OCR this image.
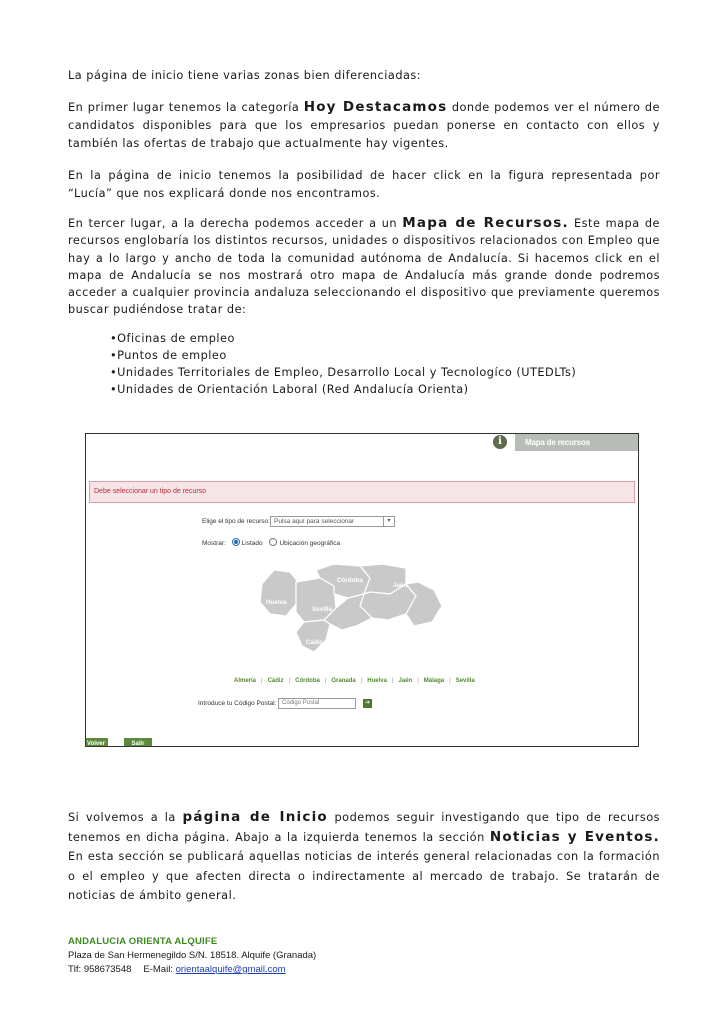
La página de inicio tiene varias zonas bien diferenciadas:
En primer lugar tenemos la categoría Hoy Destacamos donde podemos ver el número de candidatos disponibles para que los empresarios puedan ponerse en contacto con ellos y también las ofertas de trabajo que actualmente hay vigentes.
En la página de inicio tenemos la posibilidad de hacer click en la figura representada por “Lucía” que nos explicará donde nos encontramos.
En tercer lugar, a la derecha podemos acceder a un Mapa de Recursos. Este mapa de recursos englobaría los distintos recursos, unidades o dispositivos relacionados con Empleo que hay a lo largo y ancho de toda la comunidad autónoma de Andalucía. Si hacemos click en el mapa de Andalucía se nos mostrará otro mapa de Andalucía más grande donde podremos acceder a cualquier provincia andaluza seleccionando el dispositivo que previamente queremos buscar pudiéndose tratar de:
•Oficinas de empleo
•Puntos de empleo
•Unidades Territoriales de Empleo, Desarrollo Local y Tecnologíco (UTEDLTs)
•Unidades de Orientación Laboral (Red Andalucía Orienta)
i	Mapa de recursos
Debe seleccionar un tipo de recurso
Elige el tipo de recurso: Pulsa aquí para seleccionar	▾
Mostrar: Listado	Ubicación geográfica
Córdoba
Jaén
Huelva
Sevilla
Granada
Almería
Málaga
Cádiz
Almería | Cádiz | Córdoba | Granada | Huelva | Jaén | Málaga | Sevilla
Introduce tu Código Postal: Código Postal	➔
Volver	Salir
Si volvemos a la página de Inicio podemos seguir investigando que tipo de recursos tenemos en dicha página. Abajo a la izquierda tenemos la sección Noticias y Eventos. En esta sección se publicará aquellas noticias de interés general relacionadas con la formación o el empleo y que afecten directa o indirectamente al mercado de trabajo. Se tratarán de noticias de ámbito general.
ANDALUCIA ORIENTA ALQUIFE
Plaza de San Hermenegildo S/N. 18518. Alquife (Granada)
Tlf: 958673548 E-Mail: orientaalquife@gmail.com
